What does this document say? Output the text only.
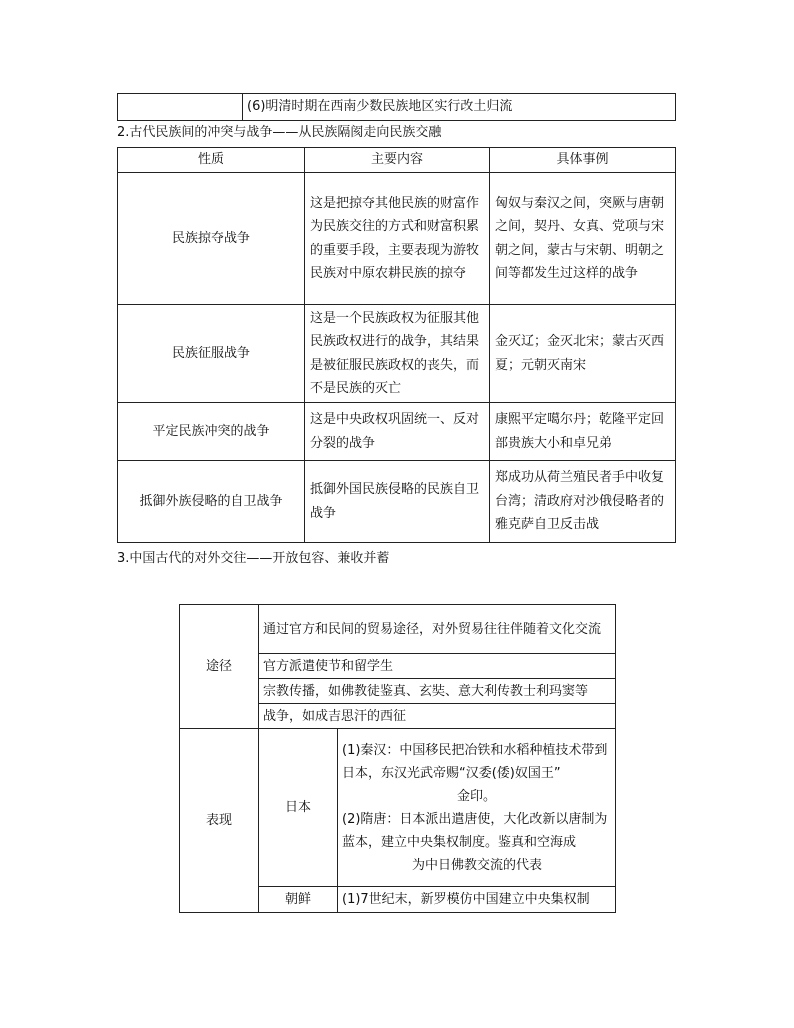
	(6)明清时期在西南少数民族地区实行改土归流
2.古代民族间的冲突与战争——从民族隔阂走向民族交融
性质	主要内容	具体事例
民族掠夺战争	这是把掠夺其他民族的财富作为民族交往的方式和财富积累的重要手段，主要表现为游牧民族对中原农耕民族的掠夺	匈奴与秦汉之间，突厥与唐朝之间，契丹、女真、党项与宋朝之间，蒙古与宋朝、明朝之间等都发生过这样的战争
民族征服战争	这是一个民族政权为征服其他民族政权进行的战争，其结果是被征服民族政权的丧失，而不是民族的灭亡	金灭辽；金灭北宋；蒙古灭西夏；元朝灭南宋
平定民族冲突的战争	这是中央政权巩固统一、反对分裂的战争	康熙平定噶尔丹；乾隆平定回部贵族大小和卓兄弟
抵御外族侵略的自卫战争	抵御外国民族侵略的民族自卫战争	郑成功从荷兰殖民者手中收复台湾；清政府对沙俄侵略者的雅克萨自卫反击战
3.中国古代的对外交往——开放包容、兼收并蓄
途径	通过官方和民间的贸易途径，对外贸易往往伴随着文化交流	
	官方派遣使节和留学生	
	宗教传播，如佛教徒鉴真、玄奘、意大利传教士利玛窦等	
	战争，如成吉思汗的西征	
表现	日本	(1)秦汉：中国移民把冶铁和水稻种植技术带到日本，东汉光武帝赐“汉委(倭)奴国王”
金印。
(2)隋唐：日本派出遣唐使，大化改新以唐制为蓝本，建立中央集权制度。鉴真和空海成
为中日佛教交流的代表

	朝鲜	(1)7世纪末，新罗模仿中国建立中央集权制
